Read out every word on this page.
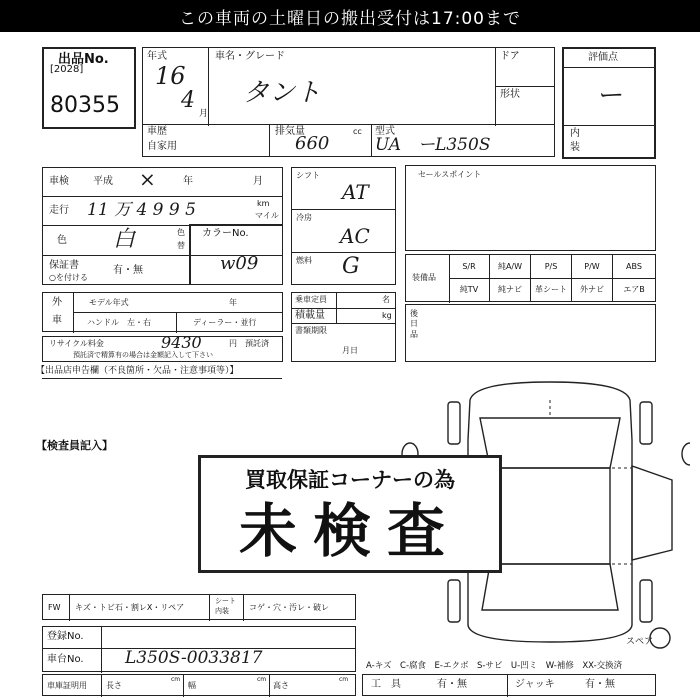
この車両の土曜日の搬出受付は17:00まで
出品No.
[2028]
80355
年式
16
4
月
車名・グレード
タント
ドア
形状
評価点
ー
内
装
車歴
自家用
排気量
660
cc 型式
UA　ーL350S
車検 平成 ×	年	月
走行 11 万 4 9 9 5	km
マイル
色 白	色
替
保証書
○を付ける
有・無
カラーNo.
w09
外
車
モデル年式	年
ハンドル　左・右	ディーラー・並行
リサイクル料金	9430	円 預託済
預託済で精算有の場合は金額記入して下さい
シフト
AT
冷房
AC
燃料 G
乗車定員	名
積載量	kg
書類期限
月日
セールスポイント
装備品
S/R	純A/W	P/S	P/W	ABS
純TV	純ナビ	革シート	外ナビ	エアB
後
日
品
【出品店申告欄（不良箇所・欠品・注意事項等）】
【検査員記入】
スペア
買取保証コーナーの為
未検査
FW キズ・トビ石・割レX・リペア
シート
内装	コゲ・穴・汚レ・破レ
登録No.
車台No. L350S-0033817
車庫証明用 長さ
cm
幅
cm
高さ
cm
A-キズ　C-腐食　E-エクボ　S-サビ　U-凹ミ　W-補修　XX-交換済
工　具	有・無	ジャッキ	有・無
